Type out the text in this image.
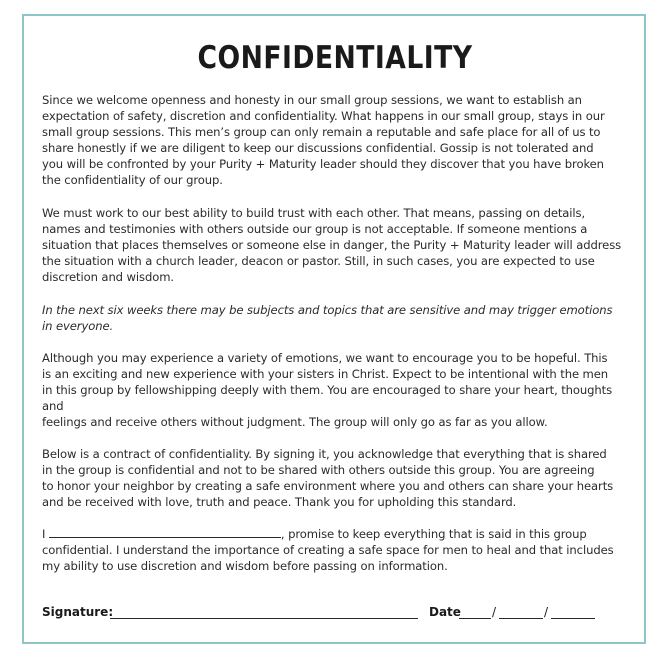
CONFIDENTIALITY
Since we welcome openness and honesty in our small group sessions, we want to establish an
expectation of safety, discretion and confidentiality. What happens in our small group, stays in our
small group sessions. This men’s group can only remain a reputable and safe place for all of us to
share honestly if we are diligent to keep our discussions confidential. Gossip is not tolerated and
you will be confronted by your Purity + Maturity leader should they discover that you have broken
the confidentiality of our group.
We must work to our best ability to build trust with each other. That means, passing on details,
names and testimonies with others outside our group is not acceptable. If someone mentions a
situation that places themselves or someone else in danger, the Purity + Maturity leader will address
the situation with a church leader, deacon or pastor. Still, in such cases, you are expected to use
discretion and wisdom.
In the next six weeks there may be subjects and topics that are sensitive and may trigger emotions
in everyone.
Although you may experience a variety of emotions, we want to encourage you to be hopeful. This
is an exciting and new experience with your sisters in Christ. Expect to be intentional with the men
in this group by fellowshipping deeply with them. You are encouraged to share your heart, thoughts
and
feelings and receive others without judgment. The group will only go as far as you allow.
Below is a contract of confidentiality. By signing it, you acknowledge that everything that is shared
in the group is confidential and not to be shared with others outside this group. You are agreeing
to honor your neighbor by creating a safe environment where you and others can share your hearts
and be received with love, truth and peace. Thank you for upholding this standard.
I	, promise to keep everything that is said in this group
confidential. I understand the importance of creating a safe space for men to heal and that includes
my ability to use discretion and wisdom before passing on information.
Signature:	Date	/	/
